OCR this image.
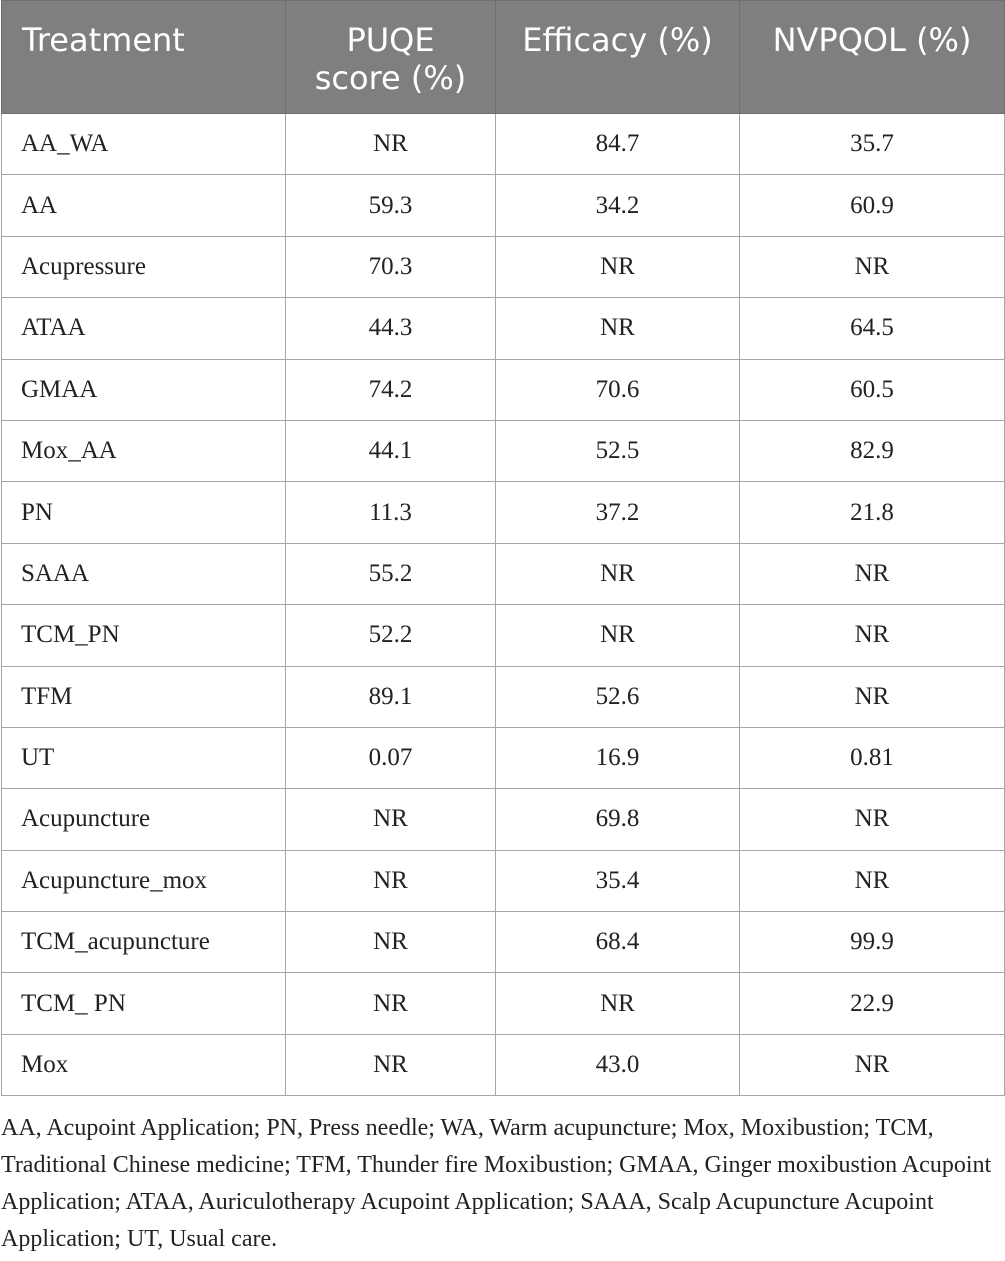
Treatment	PUQE score (%)	Efficacy (%)	NVPQOL (%)
AA_WA	NR	84.7	35.7
AA	59.3	34.2	60.9
Acupressure	70.3	NR	NR
ATAA	44.3	NR	64.5
GMAA	74.2	70.6	60.5
Mox_AA	44.1	52.5	82.9
PN	11.3	37.2	21.8
SAAA	55.2	NR	NR
TCM_PN	52.2	NR	NR
TFM	89.1	52.6	NR
UT	0.07	16.9	0.81
Acupuncture	NR	69.8	NR
Acupuncture_mox	NR	35.4	NR
TCM_acupuncture	NR	68.4	99.9
TCM_ PN	NR	NR	22.9
Mox	NR	43.0	NR

AA, Acupoint Application; PN, Press needle; WA, Warm acupuncture; Mox, Moxibustion; TCM, Traditional Chinese medicine; TFM, Thunder fire Moxibustion; GMAA, Ginger moxibustion Acupoint Application; ATAA, Auriculotherapy Acupoint Application; SAAA, Scalp Acupuncture Acupoint Application; UT, Usual care.
